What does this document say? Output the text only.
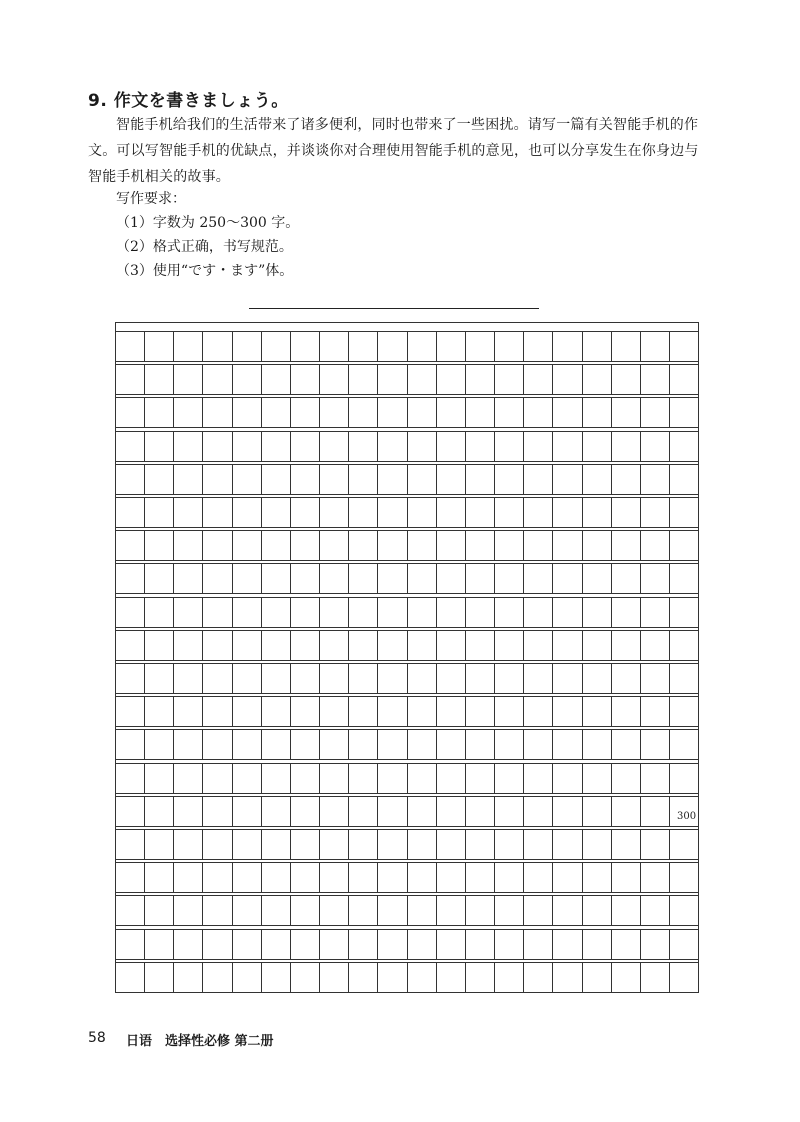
9. 作文を書きましょう。

智能手机给我们的生活带来了诸多便利，同时也带来了一些困扰。请写一篇有关智能手机的作文。可以写智能手机的优缺点，并谈谈你对合理使用智能手机的意见，也可以分享发生在你身边与智能手机相关的故事。

写作要求：

（1）字数为 250～300 字。

（2）格式正确，书写规范。

（3）使用“です・ます”体。

300
58 日语　选择性必修 第二册
